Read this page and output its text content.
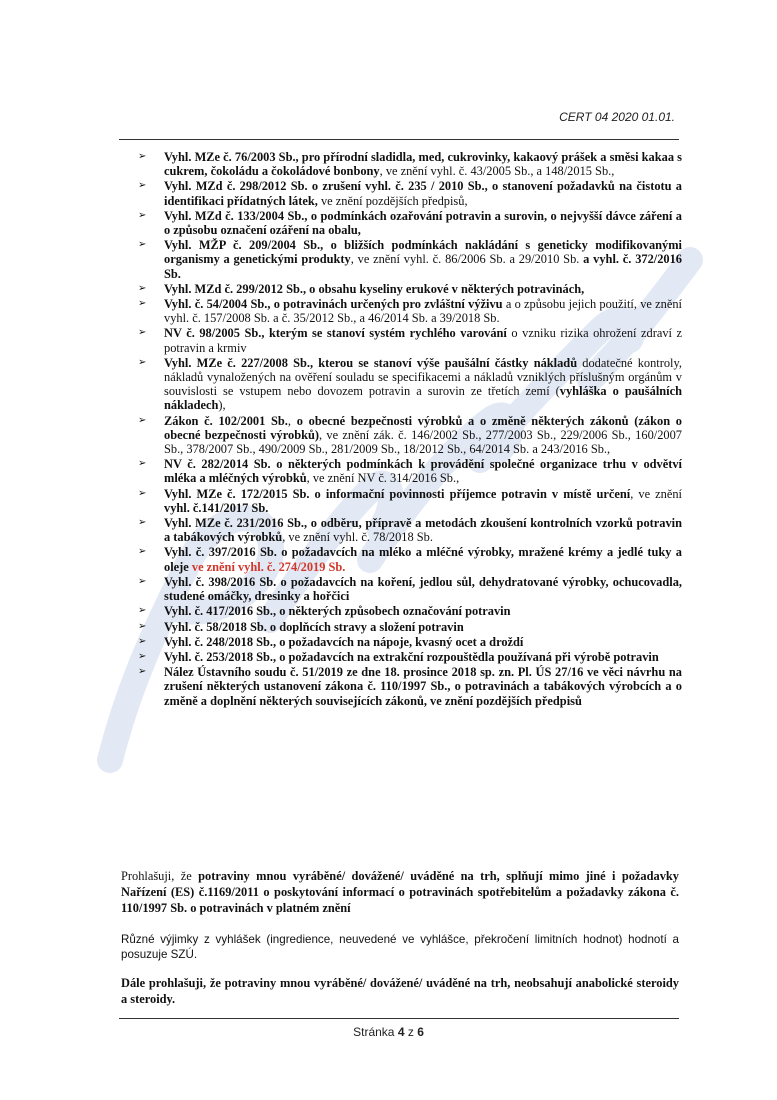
CERT 04 2020 01.01.
➢ Vyhl. MZe č. 76/2003 Sb., pro přírodní sladidla, med, cukrovinky, kakaový prášek a směsi kakaa s cukrem, čokoládu a čokoládové bonbony, ve znění vyhl. č. 43/2005 Sb., a 148/2015 Sb.,
➢ Vyhl. MZd č. 298/2012 Sb. o zrušení vyhl. č. 235 / 2010 Sb., o stanovení požadavků na čistotu a identifikaci přídatných látek, ve znění pozdějších předpisů,
➢ Vyhl. MZd č. 133/2004 Sb., o podmínkách ozařování potravin a surovin, o nejvyšší dávce záření a o způsobu označení ozáření na obalu,
➢ Vyhl. MŽP č. 209/2004 Sb., o bližších podmínkách nakládání s geneticky modifikovanými organismy a genetickými produkty, ve znění vyhl. č. 86/2006 Sb. a 29/2010 Sb. a vyhl. č. 372/2016 Sb.
➢ Vyhl. MZd č. 299/2012 Sb., o obsahu kyseliny erukové v některých potravinách,
➢ Vyhl. č. 54/2004 Sb., o potravinách určených pro zvláštní výživu a o způsobu jejich použití, ve znění vyhl. č. 157/2008 Sb. a č. 35/2012 Sb., a 46/2014 Sb. a 39/2018 Sb.
➢ NV č. 98/2005 Sb., kterým se stanoví systém rychlého varování o vzniku rizika ohrožení zdraví z potravin a krmiv
➢ Vyhl. MZe č. 227/2008 Sb., kterou se stanoví výše paušální částky nákladů dodatečné kontroly, nákladů vynaložených na ověření souladu se specifikacemi a nákladů vzniklých příslušným orgánům v souvislosti se vstupem nebo dovozem potravin a surovin ze třetích zemí (vyhláška o paušálních nákladech),
➢ Zákon č. 102/2001 Sb., o obecné bezpečnosti výrobků a o změně některých zákonů (zákon o obecné bezpečnosti výrobků), ve znění zák. č. 146/2002 Sb., 277/2003 Sb., 229/2006 Sb., 160/2007 Sb., 378/2007 Sb., 490/2009 Sb., 281/2009 Sb., 18/2012 Sb., 64/2014 Sb. a 243/2016 Sb.,
➢ NV č. 282/2014 Sb. o některých podmínkách k provádění společné organizace trhu v odvětví mléka a mléčných výrobků, ve znění NV č. 314/2016 Sb.,
➢ Vyhl. MZe č. 172/2015 Sb. o informační povinnosti příjemce potravin v místě určení, ve znění vyhl. č.141/2017 Sb.
➢ Vyhl. MZe č. 231/2016 Sb., o odběru, přípravě a metodách zkoušení kontrolních vzorků potravin a tabákových výrobků, ve znění vyhl. č. 78/2018 Sb.
➢ Vyhl. č. 397/2016 Sb. o požadavcích na mléko a mléčné výrobky, mražené krémy a jedlé tuky a oleje ve znění vyhl. č. 274/2019 Sb.
➢ Vyhl. č. 398/2016 Sb. o požadavcích na koření, jedlou sůl, dehydratované výrobky, ochucovadla, studené omáčky, dresinky a hořčici
➢ Vyhl. č. 417/2016 Sb., o některých způsobech označování potravin
➢ Vyhl. č. 58/2018 Sb. o doplňcích stravy a složení potravin
➢ Vyhl. č. 248/2018 Sb., o požadavcích na nápoje, kvasný ocet a droždí
➢ Vyhl. č. 253/2018 Sb., o požadavcích na extrakční rozpouštědla používaná při výrobě potravin
➢ Nález Ústavního soudu č. 51/2019 ze dne 18. prosince 2018 sp. zn. Pl. ÚS 27/16 ve věci návrhu na zrušení některých ustanovení zákona č. 110/1997 Sb., o potravinách a tabákových výrobcích a o změně a doplnění některých souvisejících zákonů, ve znění pozdějších předpisů

Prohlašuji, že potraviny mnou vyráběné/ dovážené/ uváděné na trh, splňují mimo jiné i požadavky Nařízení (ES) č.1169/2011 o poskytování informací o potravinách spotřebitelům a požadavky zákona č. 110/1997 Sb. o potravinách v platném znění

Různé výjimky z vyhlášek (ingredience, neuvedené ve vyhlášce, překročení limitních hodnot) hodnotí a posuzuje SZÚ.

Dále prohlašuji, že potraviny mnou vyráběné/ dovážené/ uváděné na trh, neobsahují anabolické steroidy a steroidy.

Stránka 4 z 6
